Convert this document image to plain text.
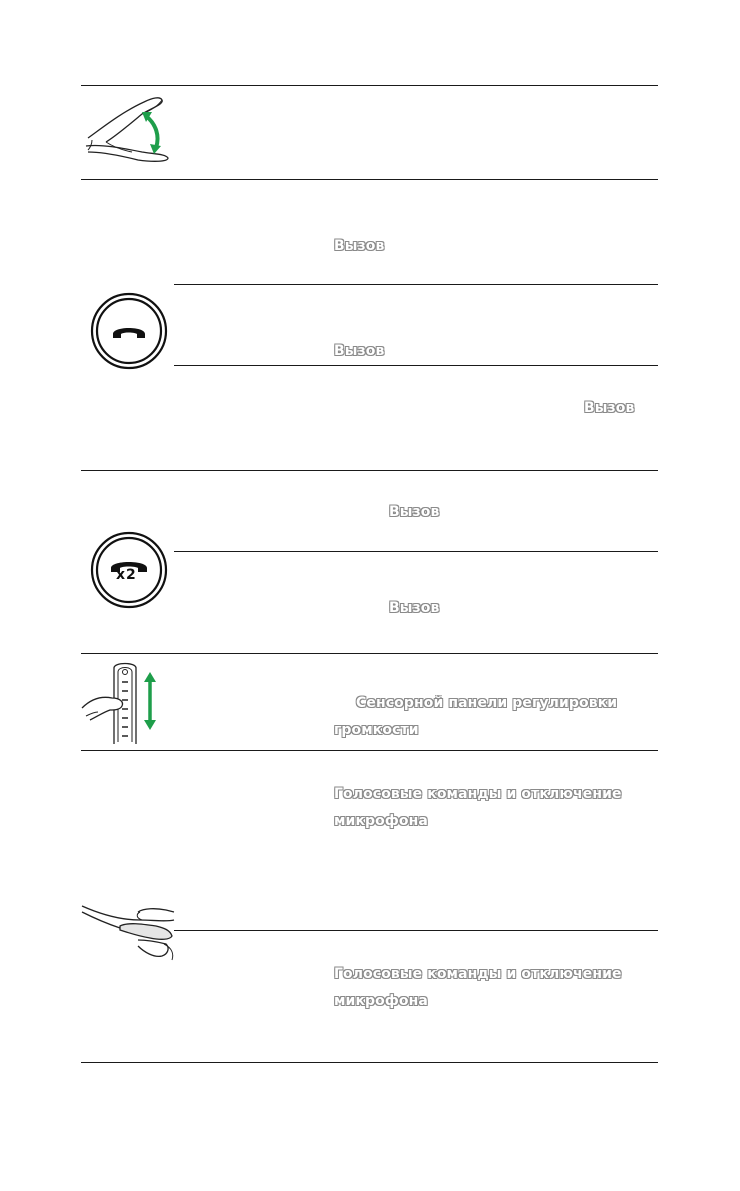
Вызов
Вызов
Вызов
x2
Вызов
Вызов
Сенсорной панели регулировки
громкости
Голосовые команды и отключение
микрофона
Голосовые команды и отключение
микрофона
